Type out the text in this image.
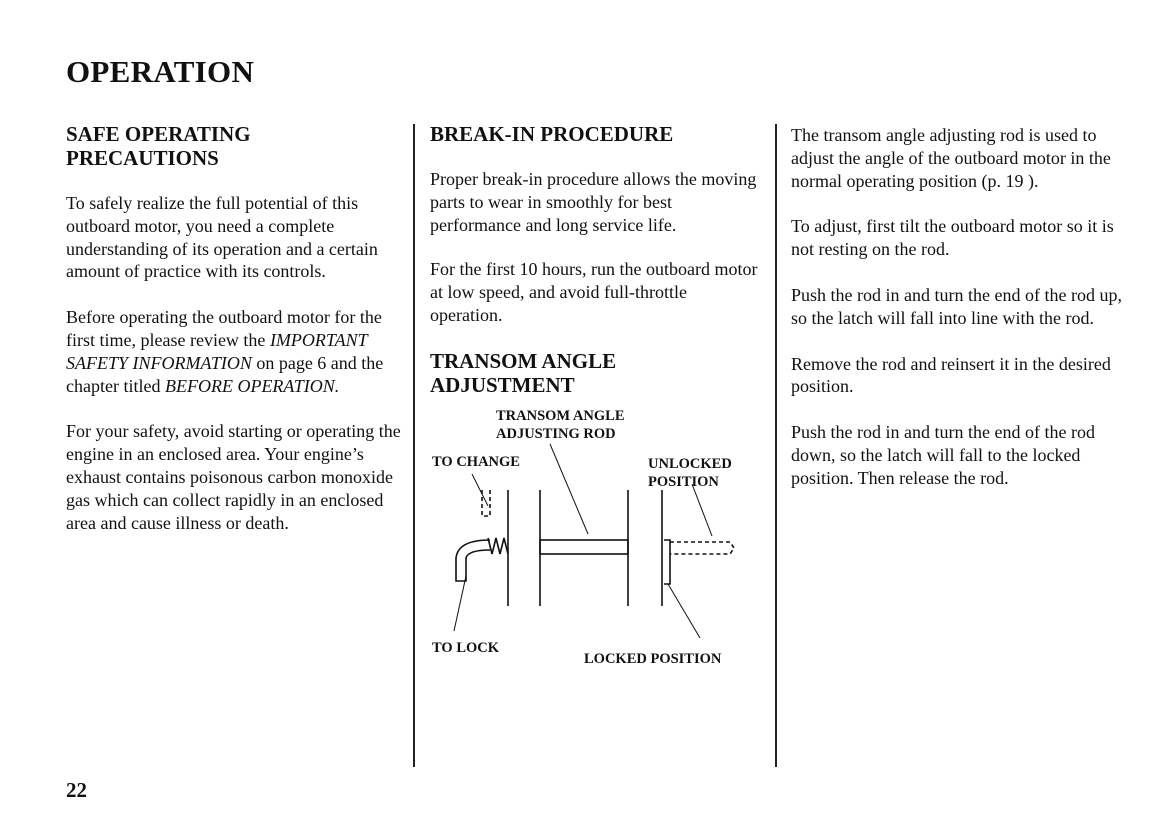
OPERATION
SAFE OPERATING PRECAUTIONS

To safely realize the full potential of this outboard motor, you need a complete understanding of its operation and a certain amount of practice with its controls.

Before operating the outboard motor for the first time, please review the IMPORTANT SAFETY INFORMATION on page 6 and the chapter titled BEFORE OPERATION.

For your safety, avoid starting or operating the engine in an enclosed area. Your engine’s exhaust contains poisonous carbon monoxide gas which can collect rapidly in an enclosed area and cause illness or death.

BREAK-IN PROCEDURE

Proper break-in procedure allows the moving parts to wear in smoothly for best performance and long service life.

For the first 10 hours, run the outboard motor at low speed, and avoid full-throttle operation.

TRANSOM ANGLE ADJUSTMENT
TRANSOM ANGLE
ADJUSTING ROD
TO CHANGE	UNLOCKED
POSITION
TO LOCK
LOCKED POSITION

The transom angle adjusting rod is used to adjust the angle of the outboard motor in the normal operating position (p. 19 ).

To adjust, first tilt the outboard motor so it is not resting on the rod.

Push the rod in and turn the end of the rod up, so the latch will fall into line with the rod.

Remove the rod and reinsert it in the desired position.

Push the rod in and turn the end of the rod down, so the latch will fall to the locked position. Then release the rod.

22
